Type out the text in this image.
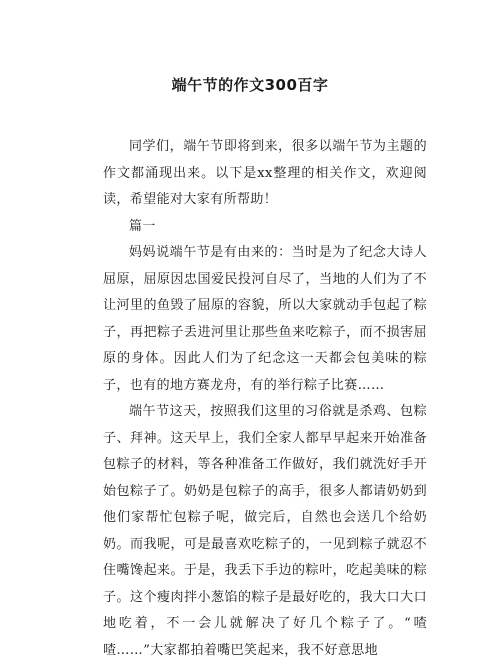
端午节的作文300百字

同学们，端午节即将到来，很多以端午节为主题的作文都涌现出来。以下是xx整理的相关作文，欢迎阅读，希望能对大家有所帮助！

篇一

妈妈说端午节是有由来的：当时是为了纪念大诗人屈原，屈原因忠国爱民投河自尽了，当地的人们为了不让河里的鱼毁了屈原的容貌，所以大家就动手包起了粽子，再把粽子丢进河里让那些鱼来吃粽子，而不损害屈原的身体。因此人们为了纪念这一天都会包美味的粽子，也有的地方赛龙舟，有的举行粽子比赛……

端午节这天，按照我们这里的习俗就是杀鸡、包粽子、拜神。这天早上，我们全家人都早早起来开始准备包粽子的材料，等各种准备工作做好，我们就洗好手开始包粽子了。奶奶是包粽子的高手，很多人都请奶奶到他们家帮忙包粽子呢，做完后，自然也会送几个给奶奶。而我呢，可是最喜欢吃粽子的，一见到粽子就忍不住嘴馋起来。于是，我丢下手边的粽叶，吃起美味的粽子。这个瘦肉拌小葱馅的粽子是最好吃的，我大口大口地吃着，不一会儿就解决了好几个粽子了。“喳喳……”大家都拍着嘴巴笑起来，我不好意思地
